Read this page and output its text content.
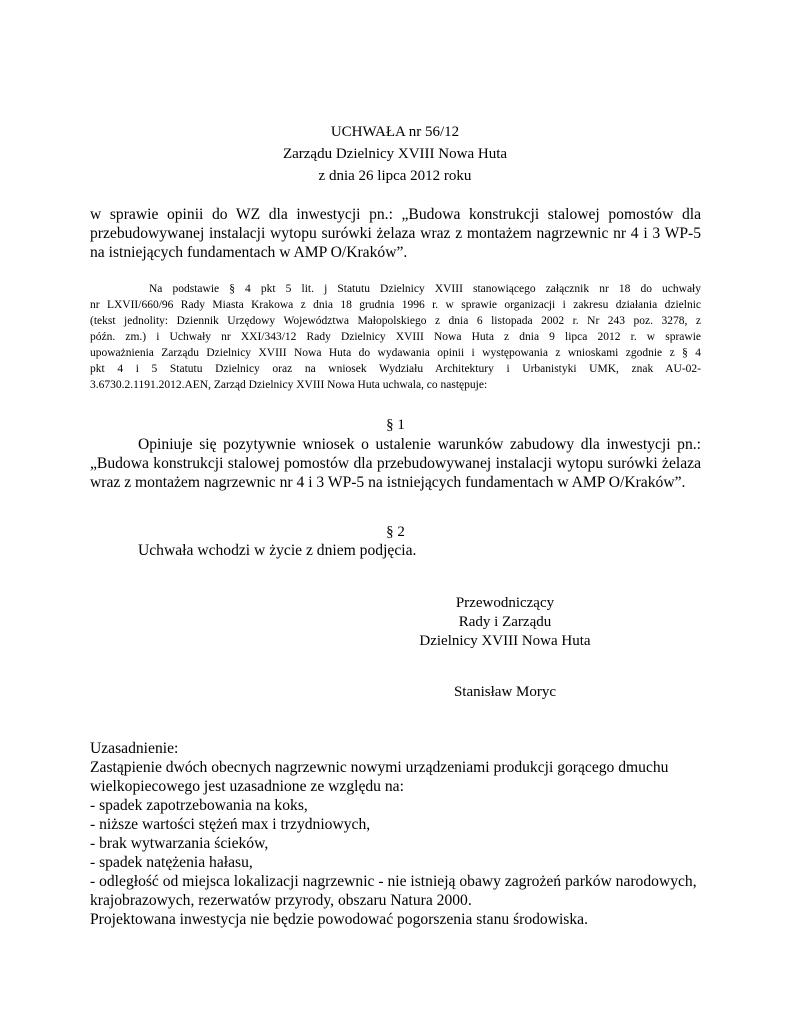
UCHWAŁA nr 56/12
Zarządu Dzielnicy XVIII Nowa Huta
z dnia 26 lipca 2012 roku
w sprawie opinii do WZ dla inwestycji pn.: „Budowa konstrukcji stalowej pomostów dla
przebudowywanej instalacji wytopu surówki żelaza wraz z montażem nagrzewnic nr 4 i 3 WP-5
na istniejących fundamentach w AMP O/Kraków”.
Na podstawie § 4 pkt 5 lit. j Statutu Dzielnicy XVIII stanowiącego załącznik nr 18 do uchwały
nr LXVII/660/96 Rady Miasta Krakowa z dnia 18 grudnia 1996 r. w sprawie organizacji i zakresu działania dzielnic
(tekst jednolity: Dziennik Urzędowy Województwa Małopolskiego z dnia 6 listopada 2002 r. Nr 243 poz. 3278, z
późn. zm.) i Uchwały nr XXI/343/12 Rady Dzielnicy XVIII Nowa Huta z dnia 9 lipca 2012 r. w sprawie
upoważnienia Zarządu Dzielnicy XVIII Nowa Huta do wydawania opinii i występowania z wnioskami zgodnie z § 4
pkt 4 i 5 Statutu Dzielnicy oraz na wniosek Wydziału Architektury i Urbanistyki UMK, znak AU-02-
3.6730.2.1191.2012.AEN, Zarząd Dzielnicy XVIII Nowa Huta uchwala, co następuje:
§ 1
Opiniuje się pozytywnie wniosek o ustalenie warunków zabudowy dla inwestycji pn.:
„Budowa konstrukcji stalowej pomostów dla przebudowywanej instalacji wytopu surówki żelaza
wraz z montażem nagrzewnic nr 4 i 3 WP-5 na istniejących fundamentach w AMP O/Kraków”.
§ 2
Uchwała wchodzi w życie z dniem podjęcia.
Przewodniczący
Rady i Zarządu
Dzielnicy XVIII Nowa Huta
Stanisław Moryc
Uzasadnienie:
Zastąpienie dwóch obecnych nagrzewnic nowymi urządzeniami produkcji gorącego dmuchu
wielkopiecowego jest uzasadnione ze względu na:
- spadek zapotrzebowania na koks,
- niższe wartości stężeń max i trzydniowych,
- brak wytwarzania ścieków,
- spadek natężenia hałasu,
- odległość od miejsca lokalizacji nagrzewnic - nie istnieją obawy zagrożeń parków narodowych,
krajobrazowych, rezerwatów przyrody, obszaru Natura 2000.
Projektowana inwestycja nie będzie powodować pogorszenia stanu środowiska.
